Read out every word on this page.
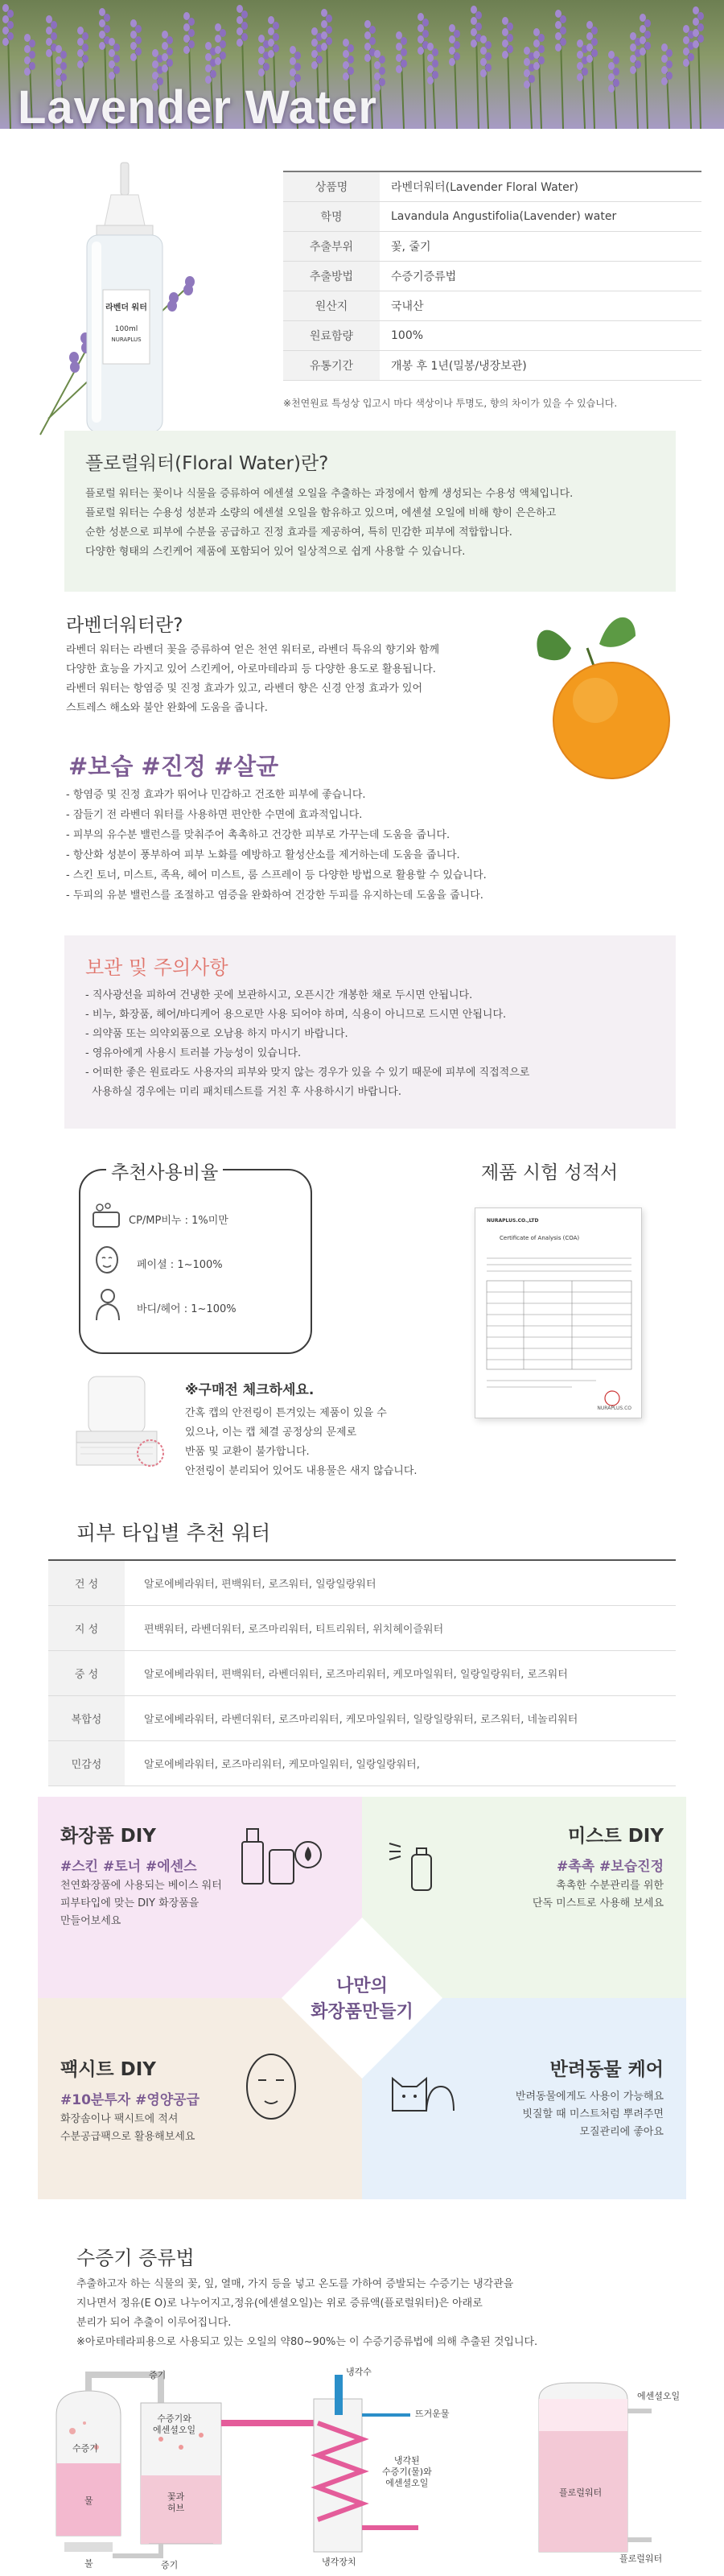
Lavender Water
라벤더 워터
100ml
NURAPLUS
상품명	라벤더워터(Lavender Floral Water)
학명	Lavandula Angustifolia(Lavender) water
추출부위	꽃, 줄기
추출방법	수증기증류법
원산지	국내산
원료함량	100%
유통기간	개봉 후 1년(밀봉/냉장보관)
※천연원료 특성상 입고시 마다 색상이나 투명도, 향의 차이가 있을 수 있습니다.
플로럴워터(Floral Water)란?

플로럴 워터는 꽃이나 식물을 증류하여 에센셜 오일을 추출하는 과정에서 함께 생성되는 수용성 액체입니다.
플로럴 워터는 수용성 성분과 소량의 에센셜 오일을 함유하고 있으며, 에센셜 오일에 비해 향이 은은하고
순한 성분으로 피부에 수분을 공급하고 진정 효과를 제공하여, 특히 민감한 피부에 적합합니다.
다양한 형태의 스킨케어 제품에 포함되어 있어 일상적으로 쉽게 사용할 수 있습니다.

라벤더워터란?
라벤더 워터는 라벤더 꽃을 증류하여 얻은 천연 워터로, 라벤더 특유의 향기와 함께
다양한 효능을 가지고 있어 스킨케어, 아로마테라피 등 다양한 용도로 활용됩니다.
라벤더 워터는 항염증 및 진정 효과가 있고, 라벤더 향은 신경 안정 효과가 있어
스트레스 해소와 불안 완화에 도움을 줍니다.
#보습 #진정 #살균
- 항염증 및 진정 효과가 뛰어나 민감하고 건조한 피부에 좋습니다.
- 잠들기 전 라벤더 워터를 사용하면 편안한 수면에 효과적입니다.
- 피부의 유수분 밸런스를 맞춰주어 촉촉하고 건강한 피부로 가꾸는데 도움을 줍니다.
- 항산화 성분이 풍부하여 피부 노화를 예방하고 활성산소를 제거하는데 도움을 줍니다.
- 스킨 토너, 미스트, 족욕, 헤어 미스트, 룸 스프레이 등 다양한 방법으로 활용할 수 있습니다.
- 두피의 유분 밸런스를 조절하고 염증을 완화하여 건강한 두피를 유지하는데 도움을 줍니다.
보관 및 주의사항

- 직사광선을 피하여 건냉한 곳에 보관하시고, 오픈시간 개봉한 채로 두시면 안됩니다.
- 비누, 화장품, 헤어/바디케어 용으로만 사용 되어야 하며, 식용이 아니므로 드시면 안됩니다.
- 의약품 또는 의약외품으로 오남용 하지 마시기 바랍니다.
- 영유아에게 사용시 트러블 가능성이 있습니다.
- 어떠한 좋은 원료라도 사용자의 피부와 맞지 않는 경우가 있을 수 있기 때문에 피부에 직접적으로
사용하실 경우에는 미리 패치테스트를 거친 후 사용하시기 바랍니다.

추천사용비율
CP/MP비누 : 1%미만
페이셜 : 1~100%
바디/헤어 : 1~100%
제품 시험 성적서
NURAPLUS.CO.,LTD
Certificate of Analysis (COA)
NURAPLUS.CO
※구매전 체크하세요.
간혹 캡의 안전링이 튼겨있는 제품이 있을 수
있으나, 이는 캡 체결 공정상의 문제로
반품 및 교환이 불가합니다.
안전링이 분리되어 있어도 내용물은 새지 않습니다.
피부 타입별 추천 워터
건 성	알로에베라워터, 편백워터, 로즈워터, 일랑일랑워터
지 성	편백워터, 라벤더워터, 로즈마리워터, 티트리워터, 위치헤이즐워터
중 성	알로에베라워터, 편백워터, 라벤더워터, 로즈마리워터, 케모마일워터, 일랑일랑워터, 로즈워터
복합성	알로에베라워터, 라벤더워터, 로즈마리워터, 케모마일워터, 일랑일랑워터, 로즈워터, 네놀리워터
민감성	알로에베라워터, 로즈마리워터, 케모마일워터, 일랑일랑워터,
화장품 DIY
#스킨 #토너 #에센스

천연화장품에 사용되는 베이스 워터
피부타입에 맞는 DIY 화장품을
만들어보세요

미스트 DIY
#촉촉 #보습진정

촉촉한 수분관리를 위한
단독 미스트로 사용해 보세요

팩시트 DIY
#10분투자 #영양공급

화장솜이나 팩시트에 적셔
수분공급팩으로 활용해보세요

반려동물 케어

반려동물에게도 사용이 가능해요
빗질할 때 미스트처럼 뿌려주면
모질관리에 좋아요

나만의
화장품만들기
수증기 증류법
추출하고자 하는 식물의 꽃, 잎, 열매, 가지 등을 넣고 온도를 가하여 증발되는 수증기는 냉각관을
지나면서 정유(E O)로 나누어지고,정유(에센셜오일)는 위로 증류액(플로럴워터)은 아래로
분리가 되어 추출이 이루어집니다.
※아로마테라피용으로 사용되고 있는 오일의 약80~90%는 이 수증기증류법에 의해 추출된 것입니다.
증기
수증기
물
불
수증기와
에센셜오일
꽃과
허브
증기
냉각수
뜨거운물
냉각된
수증기(물)와
에센셜오일
냉각장치
에센셜오일
플로럴워터
플로럴워터
